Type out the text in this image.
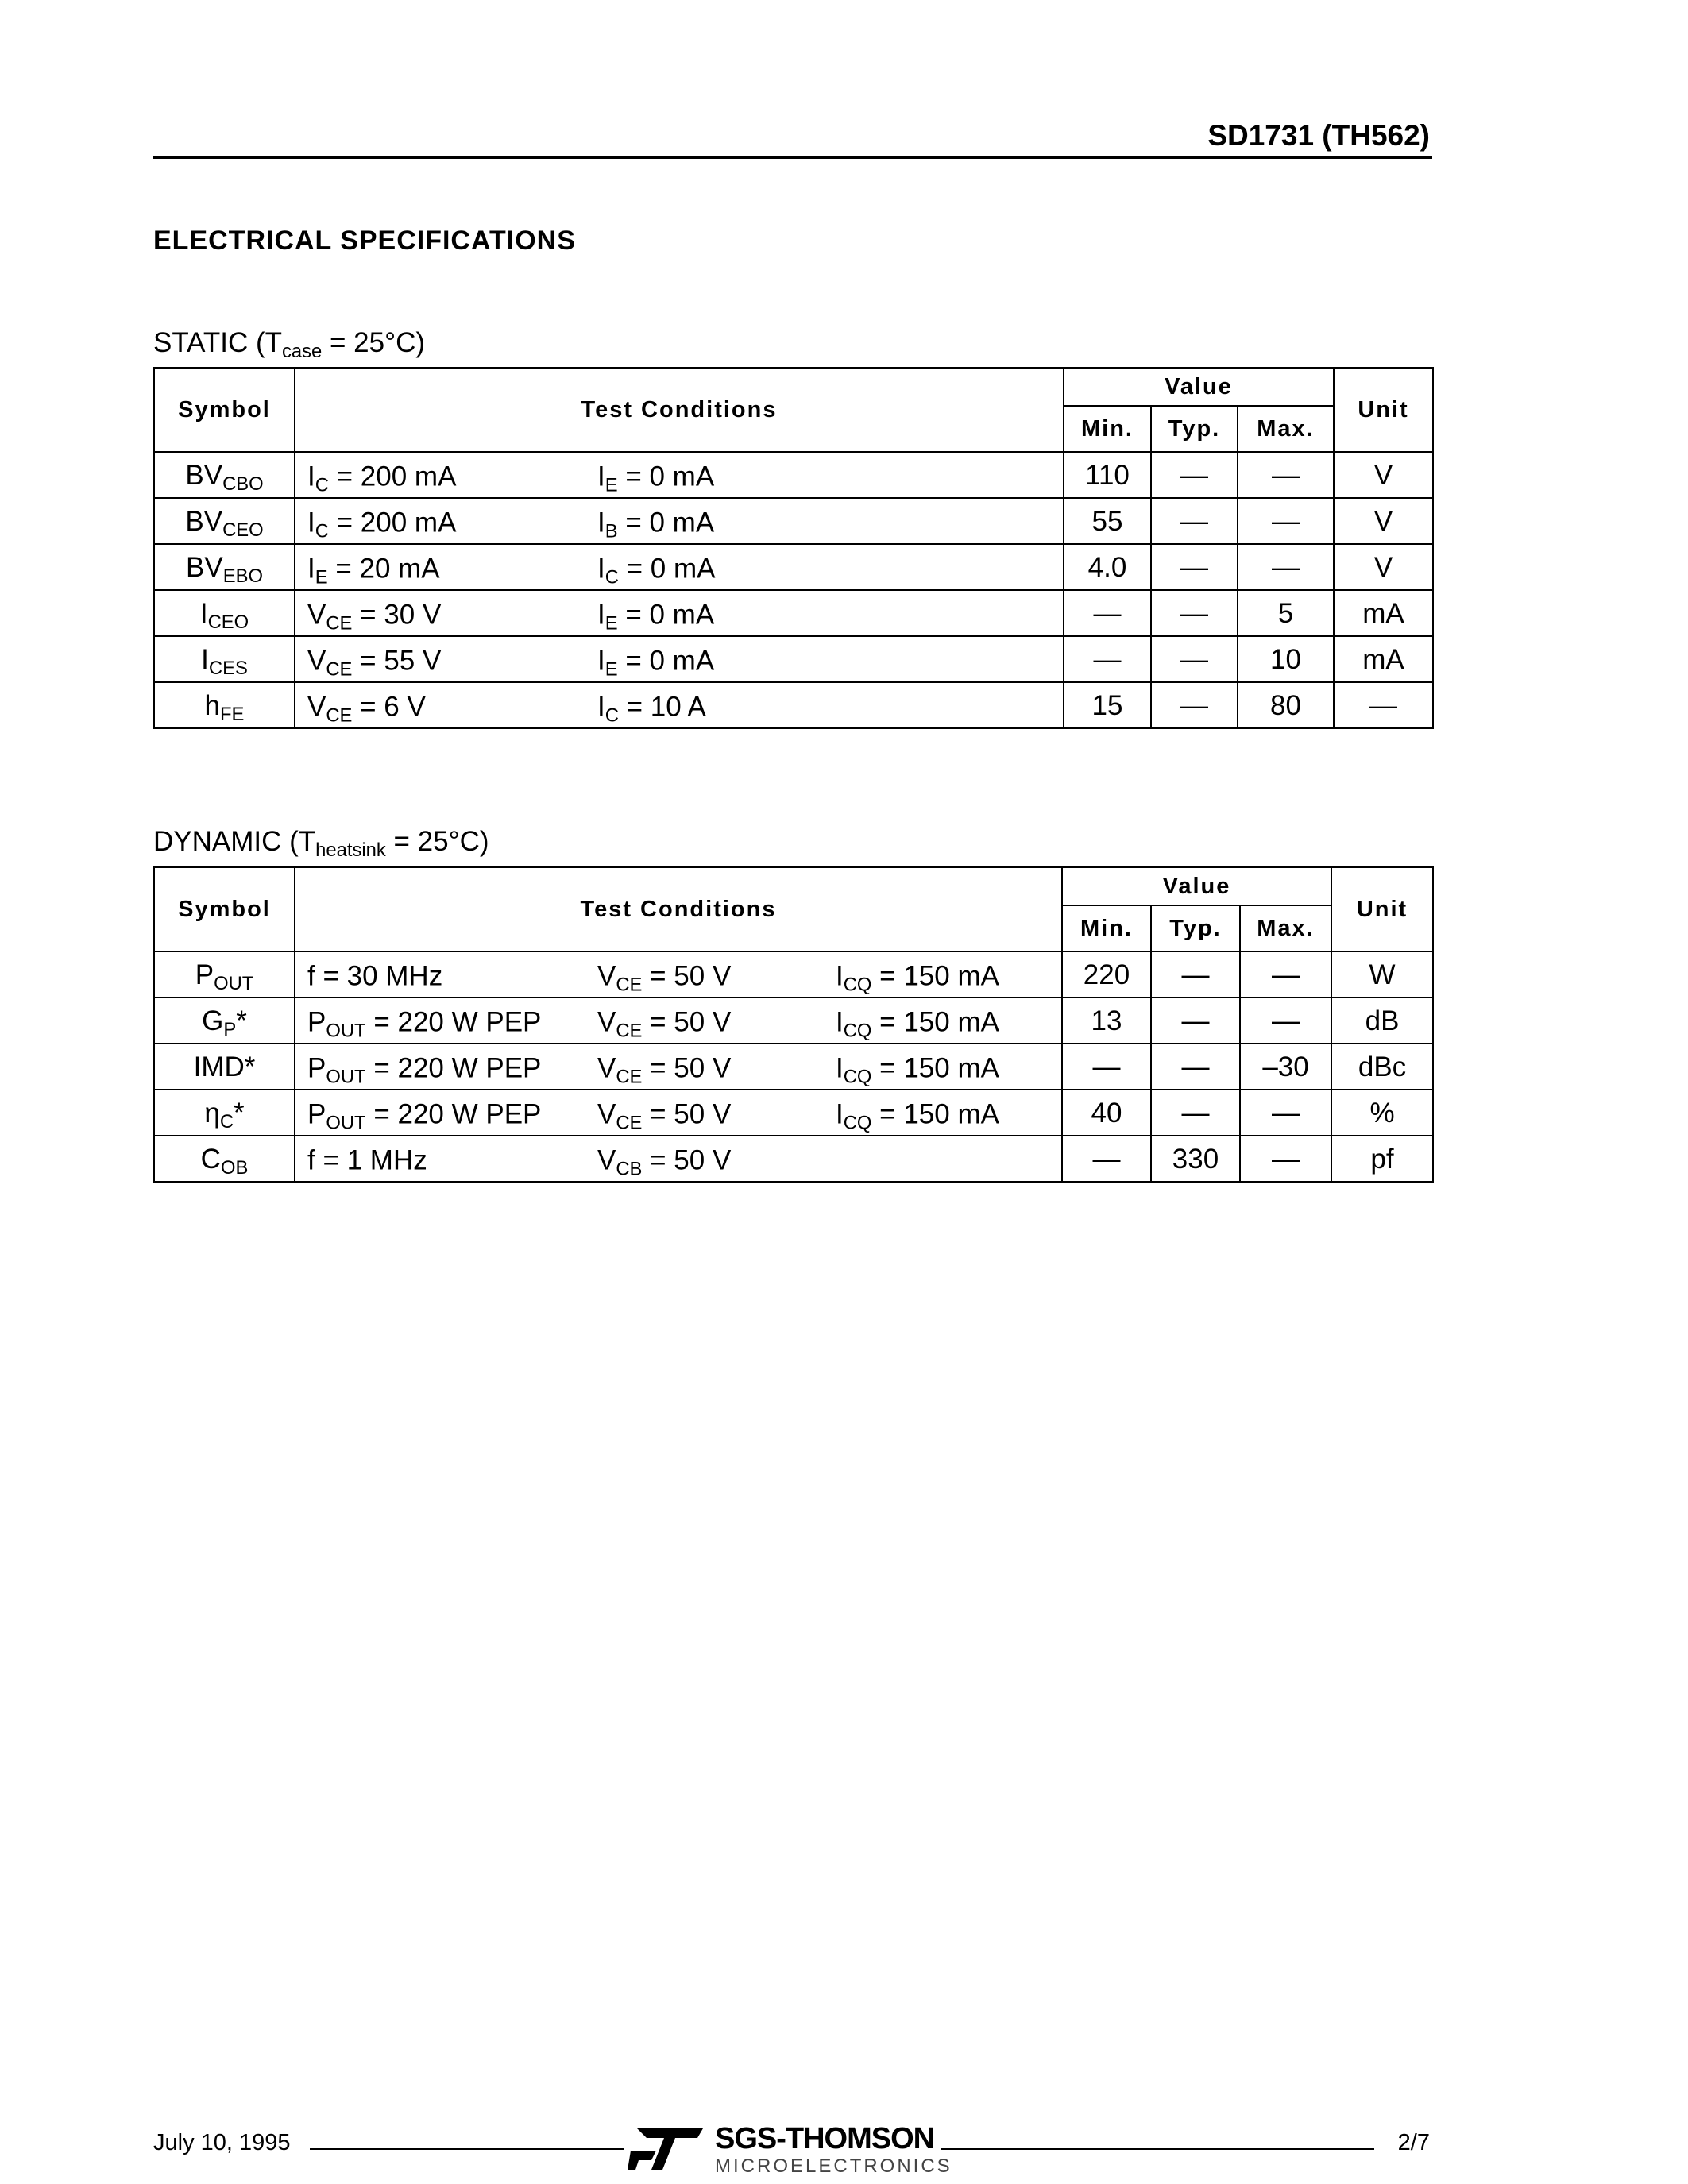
SD1731 (TH562)
ELECTRICAL SPECIFICATIONS
STATIC $(T_{case} = 25^\circ C)$
Symbol	Test Conditions	Value			Unit
		Min.	Typ.	Max.	
$BV_{CBO}$	$I_C = 200$ mA $I_E = 0$ mA	110	—	—	V
$BV_{CEO}$	$I_C = 200$ mA $I_B = 0$ mA	55	—	—	V
$BV_{EBO}$	$I_E = 20$ mA $I_C = 0$ mA	4.0	—	—	V
$I_{CEO}$	$V_{CE} = 30$ V $I_E = 0$ mA	—	—	5	mA
$I_{CES}$	$V_{CE} = 55$ V $I_E = 0$ mA	—	—	10	mA
$h_{FE}$	$V_{CE} = 6$ V $I_C = 10$ A	15	—	80	—
DYNAMIC $(T_{heatsink} = 25^\circ C)$
Symbol	Test Conditions	Value			Unit
		Min.	Typ.	Max.	
$P_{OUT}$	f = 30 MHz $V_{CE} = 50$ V $I_{CQ} = 150$ mA	220	—	—	W
$G_P*$	$P_{OUT} = 220$ W PEP $V_{CE} = 50$ V $I_{CQ} = 150$ mA	13	—	—	dB
IMD*	$P_{OUT} = 220$ W PEP $V_{CE} = 50$ V $I_{CQ} = 150$ mA	—	—	–30	dBc
$\eta_C*$	$P_{OUT} = 220$ W PEP $V_{CE} = 50$ V $I_{CQ} = 150$ mA	40	—	—	%
$C_{OB}$	f = 1 MHz $V_{CB} = 50$ V	—	330	—	pf
July 10, 1995	SGS-THOMSON
MICROELECTRONICS
2/7
